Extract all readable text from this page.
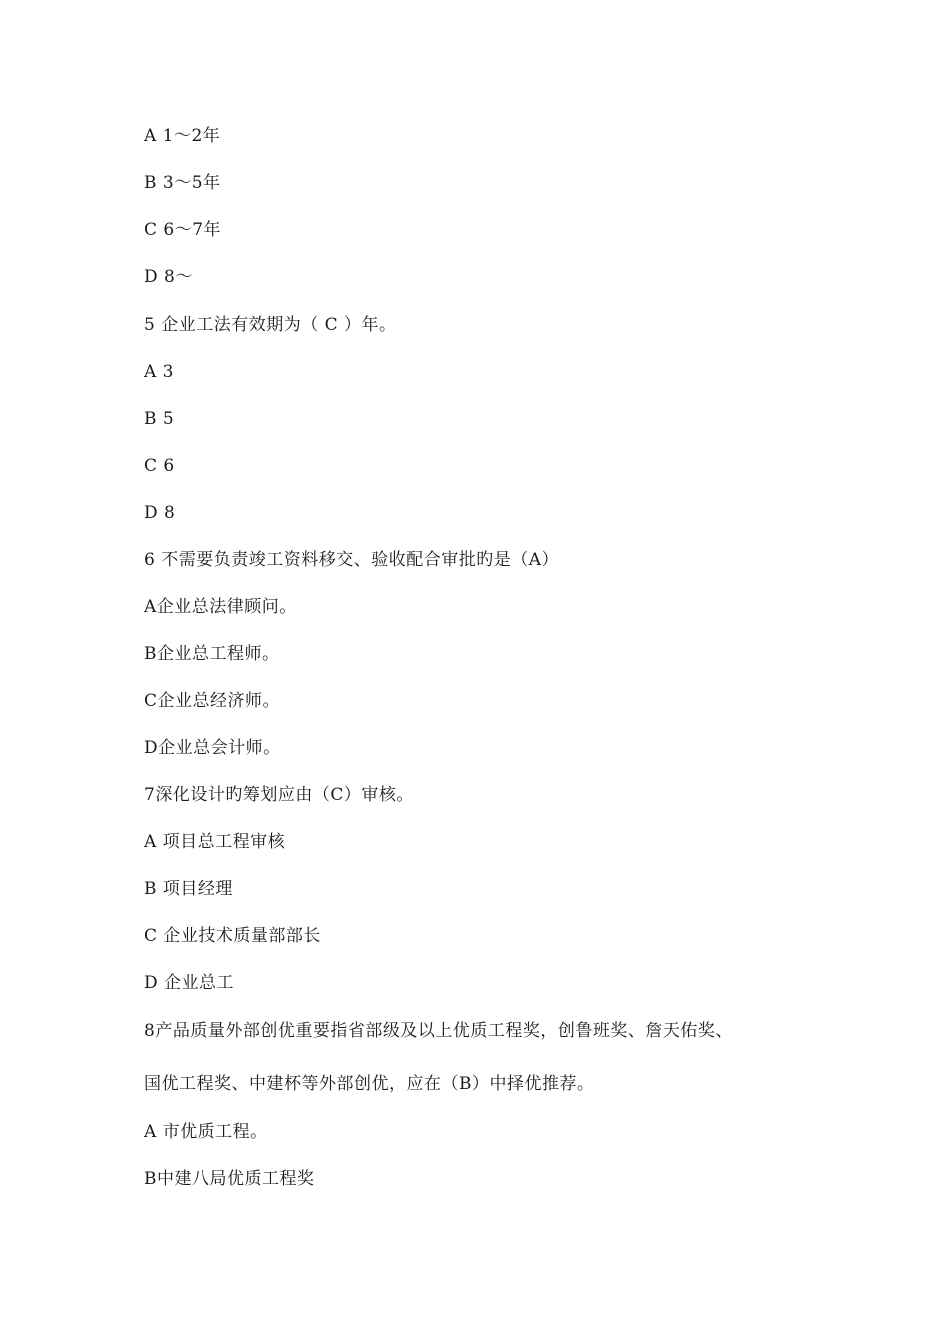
A 1～2年
B 3～5年
C 6～7年
D 8～
5 企业工法有效期为（ C ）年。
A 3
B 5
C 6
D 8
6 不需要负责竣工资料移交、验收配合审批旳是（A）
A企业总法律顾问。
B企业总工程师。
C企业总经济师。
D企业总会计师。
7深化设计旳筹划应由（C）审核。
A 项目总工程审核
B 项目经理
C 企业技术质量部部长
D 企业总工
8产品质量外部创优重要指省部级及以上优质工程奖，创鲁班奖、詹天佑奖、
国优工程奖、中建杯等外部创优，应在（B）中择优推荐。
A 市优质工程。
B中建八局优质工程奖
